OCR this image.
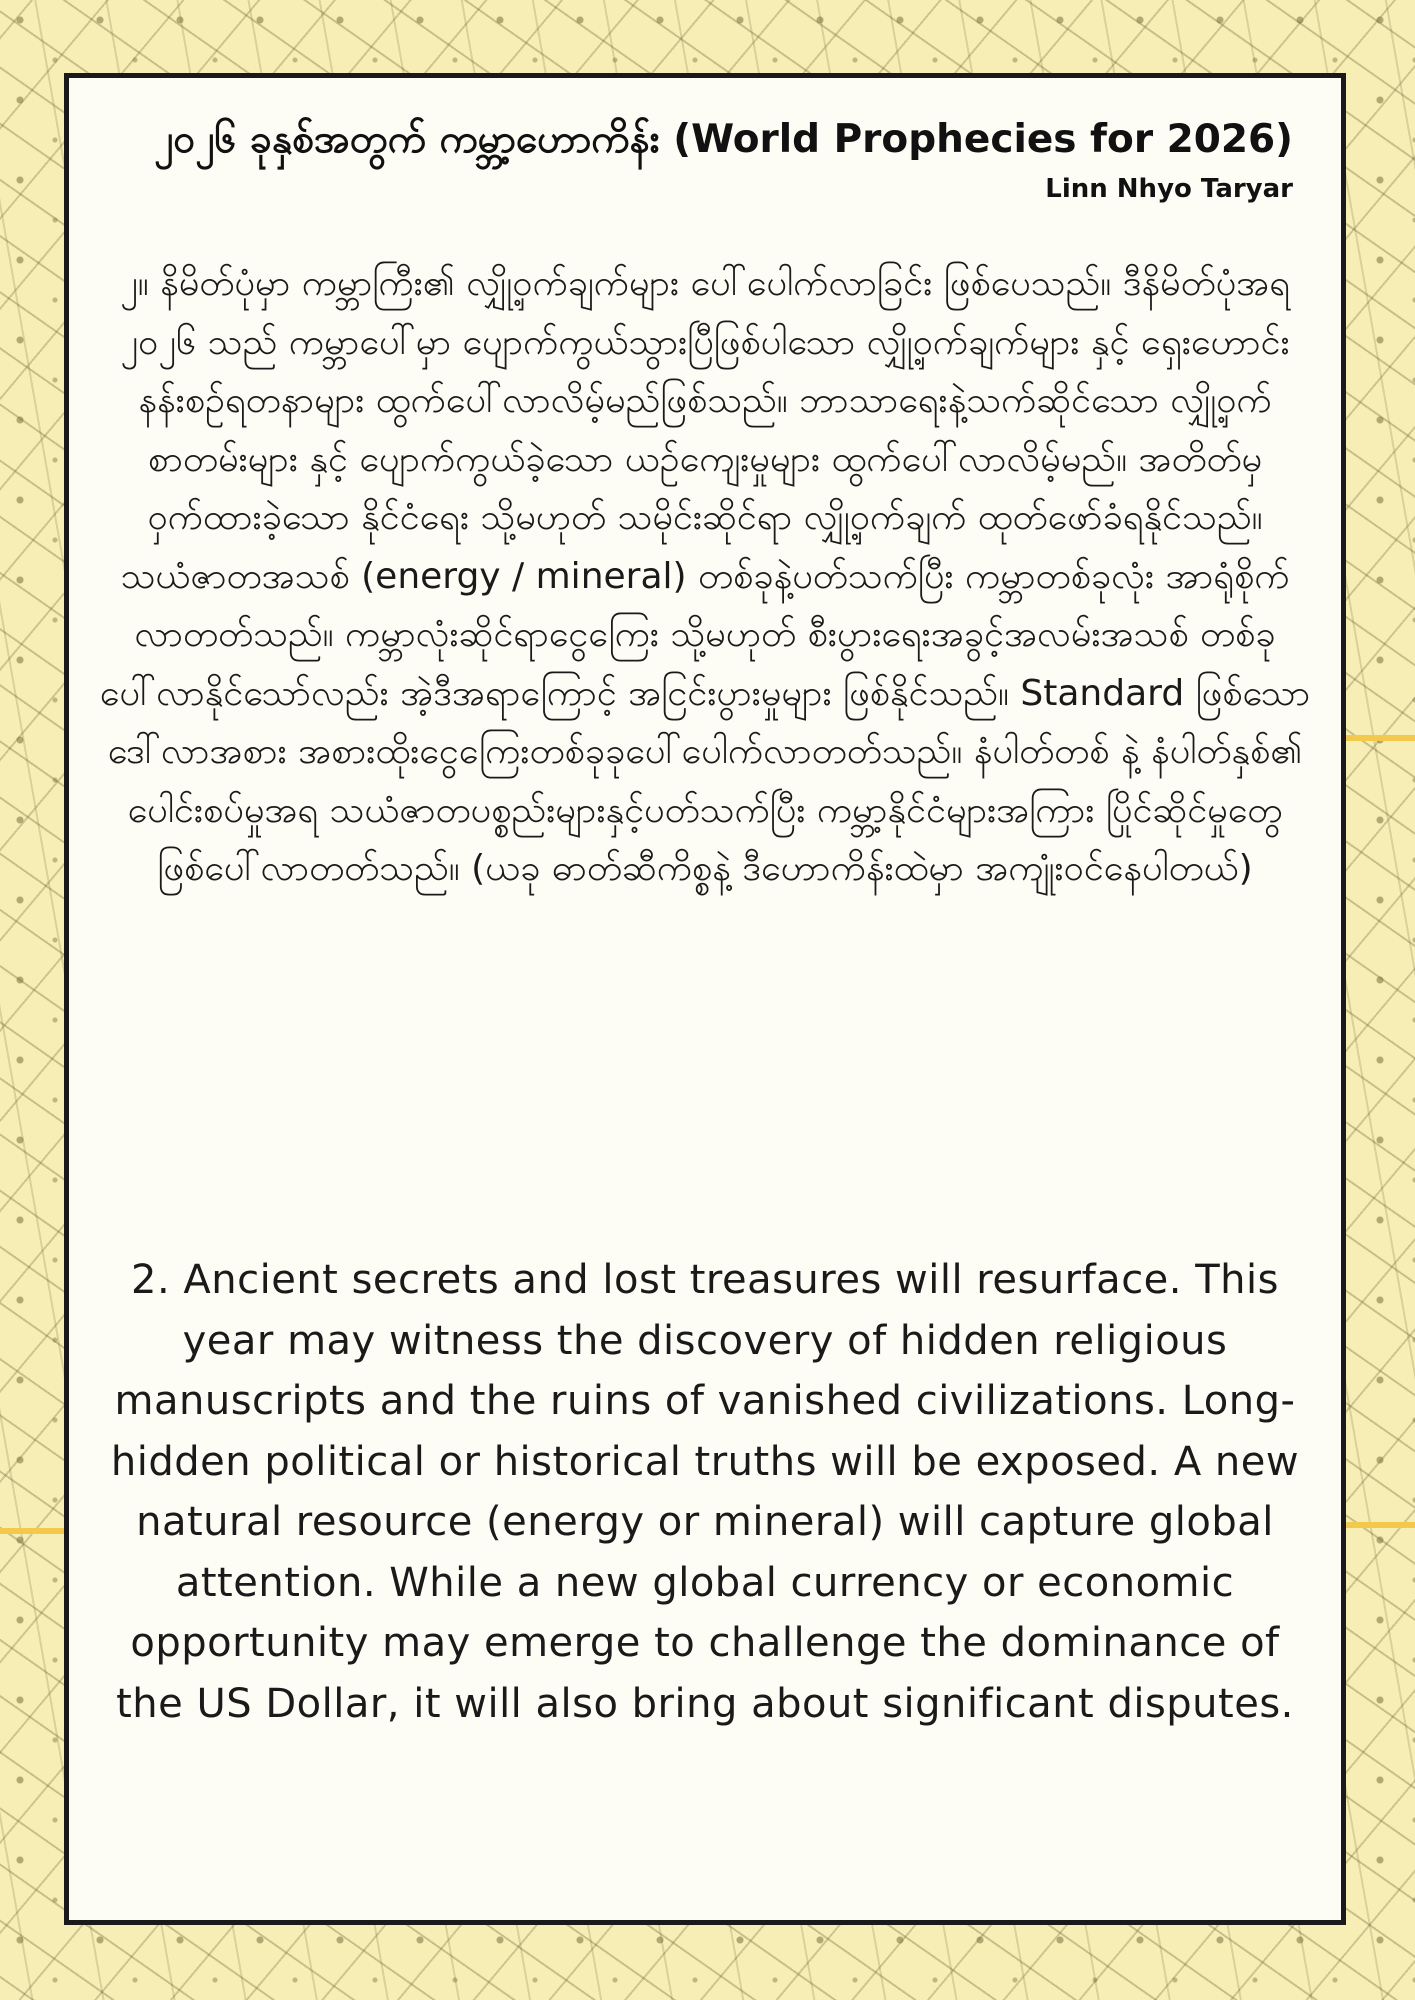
၂၀၂၆ ခုနှစ်အတွက် ကမ္ဘာ့ဟောကိန်း (World Prophecies for 2026)
Linn Nhyo Taryar

၂။ နိမိတ်ပုံမှာ ကမ္ဘာကြီး၏ လျှို့ဝှက်ချက်များ ပေါ်ပေါက်လာခြင်း ဖြစ်ပေသည်။ ဒီနိမိတ်ပုံအရ ၂၀၂၆ သည် ကမ္ဘာပေါ်မှာ ပျောက်ကွယ်သွားပြီဖြစ်ပါသော လျှို့ဝှက်ချက်များ နှင့် ရှေးဟောင်း နန်းစဉ်ရတနာများ ထွက်ပေါ်လာလိမ့်မည်ဖြစ်သည်။ ဘာသာရေးနဲ့သက်ဆိုင်သော လျှို့ဝှက်စာတမ်းများ နှင့် ပျောက်ကွယ်ခဲ့သော ယဉ်ကျေးမှုများ ထွက်ပေါ်လာလိမ့်မည်။ အတိတ်မှ ဝှက်ထားခဲ့သော နိုင်ငံရေး သို့မဟုတ် သမိုင်းဆိုင်ရာ လျှို့ဝှက်ချက် ထုတ်ဖော်ခံရနိုင်သည်။ သယံဇာတအသစ် (energy / mineral) တစ်ခုနဲ့ပတ်သက်ပြီး ကမ္ဘာတစ်ခုလုံး အာရုံစိုက်လာတတ်သည်။ ကမ္ဘာလုံးဆိုင်ရာငွေကြေး သို့မဟုတ် စီးပွားရေးအခွင့်အလမ်းအသစ် တစ်ခု ပေါ်လာနိုင်သော်လည်း အဲ့ဒီအရာကြောင့် အငြင်းပွားမှုများ ဖြစ်နိုင်သည်။ Standard ဖြစ်သော ဒေါ်လာအစား အစားထိုးငွေကြေးတစ်ခုခုပေါ်ပေါက်လာတတ်သည်။ နံပါတ်တစ် နဲ့ နံပါတ်နှစ်၏ ပေါင်းစပ်မှုအရ သယံဇာတပစ္စည်းများနှင့်ပတ်သက်ပြီး ကမ္ဘာ့နိုင်ငံများအကြား ပြိုင်ဆိုင်မှုတွေ ဖြစ်ပေါ်လာတတ်သည်။ (ယခု ဓာတ်ဆီကိစ္စနဲ့ ဒီဟောကိန်းထဲမှာ အကျုံးဝင်နေပါတယ်)

2. Ancient secrets and lost treasures will resurface. This year may witness the discovery of hidden religious manuscripts and the ruins of vanished civilizations. Long-hidden political or historical truths will be exposed. A new natural resource (energy or mineral) will capture global attention. While a new global currency or economic opportunity may emerge to challenge the dominance of the US Dollar, it will also bring about significant disputes.
